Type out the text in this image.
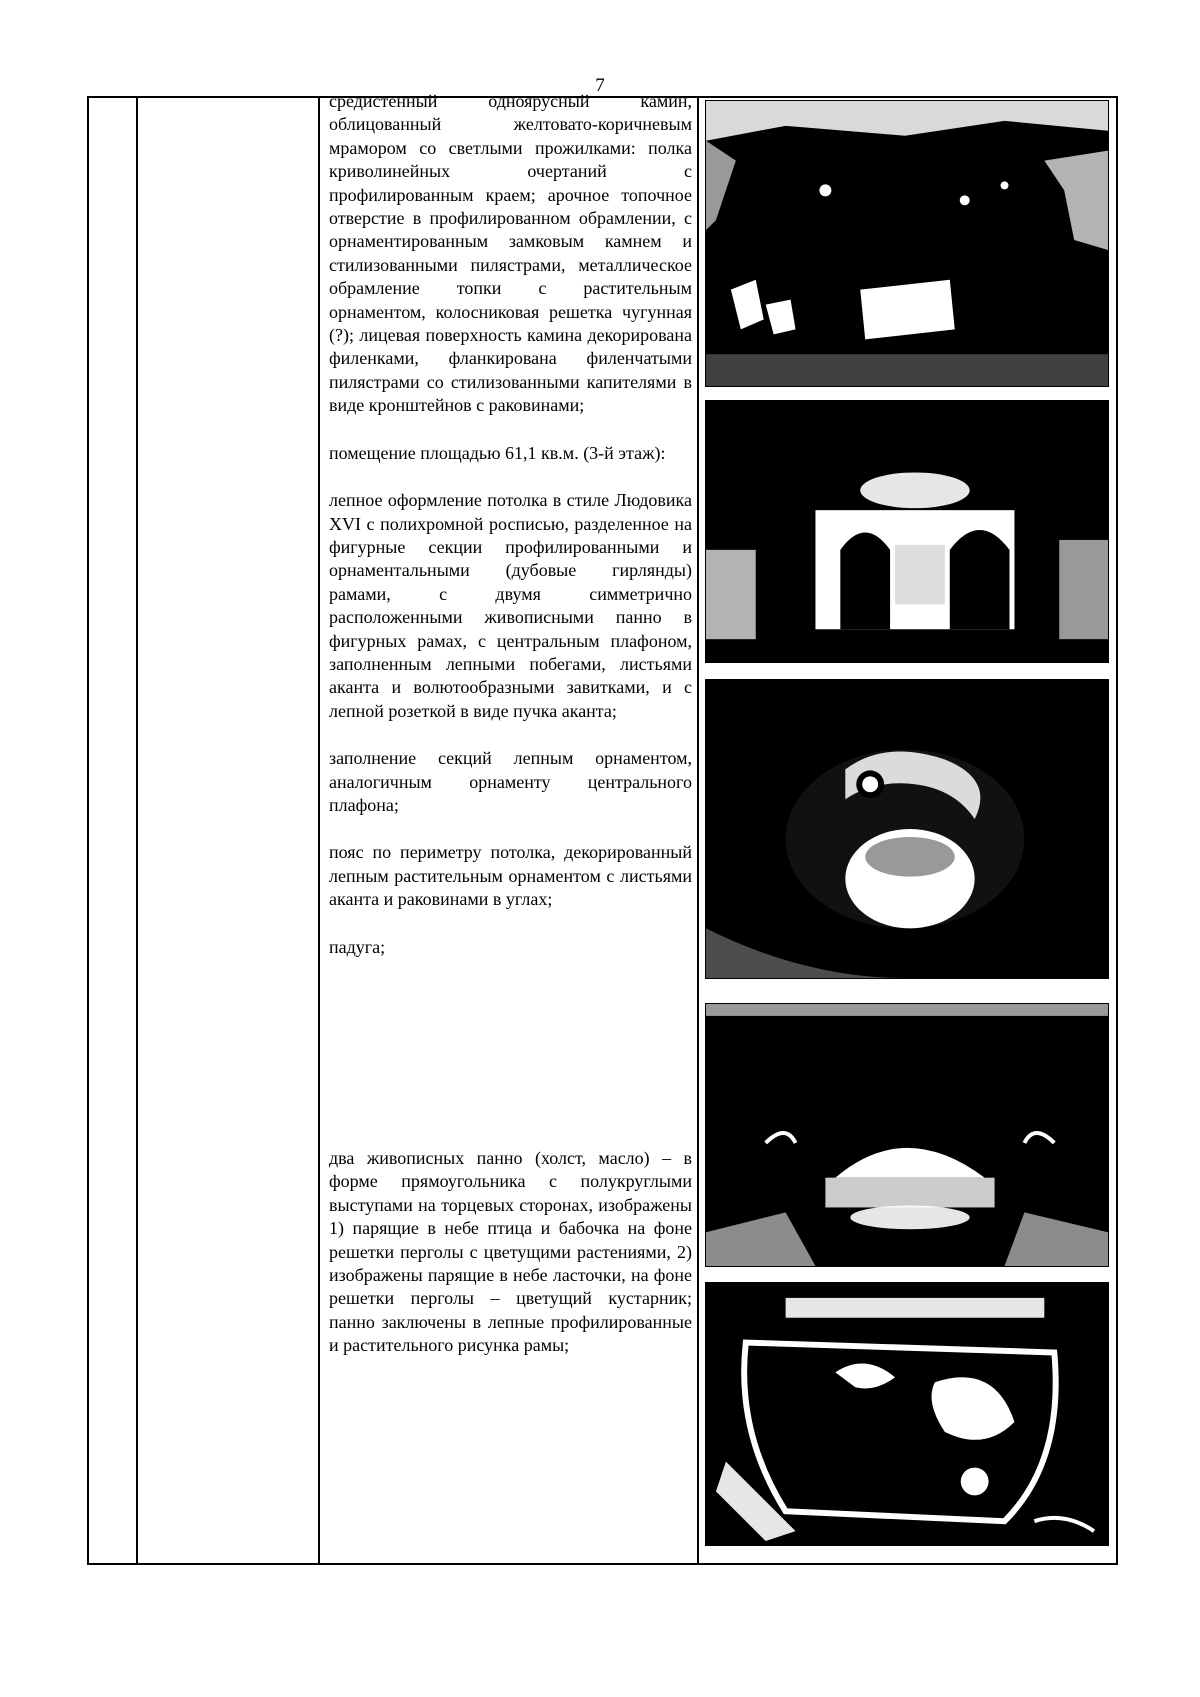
7

средистенный одноярусный камин, облицованный желтовато-коричневым мрамором со светлыми прожилками: полка криволинейных очертаний с профилированным краем; арочное топочное отверстие в профилированном обрамлении, с орнаментированным замковым камнем и стилизованными пилястрами, металлическое обрамление топки с растительным орнаментом, колосниковая решетка чугунная (?); лицевая поверхность камина декорирована филенками, фланкирована филенчатыми пилястрами со стилизованными капителями в виде кронштейнов с раковинами;

помещение площадью 61,1 кв.м. (3-й этаж):

лепное оформление потолка в стиле Людовика XVI с полихромной росписью, разделенное на фигурные секции профилированными и орнаментальными (дубовые гирлянды) рамами, с двумя симметрично расположенными живописными панно в фигурных рамах, с центральным плафоном, заполненным лепными побегами, листьями аканта и волютообразными завитками, и с лепной розеткой в виде пучка аканта;

заполнение секций лепным орнаментом, аналогичным орнаменту центрального плафона;

пояс по периметру потолка, декорированный лепным растительным орнаментом с листьями аканта и раковинами в углах;

падуга;

два живописных панно (холст, масло) – в форме прямоугольника с полукруглыми выступами на торцевых сторонах, изображены 1) парящие в небе птица и бабочка на фоне решетки перголы с цветущими растениями, 2) изображены парящие в небе ласточки, на фоне решетки перголы – цветущий кустарник; панно заключены в лепные профилированные и растительного рисунка рамы;
